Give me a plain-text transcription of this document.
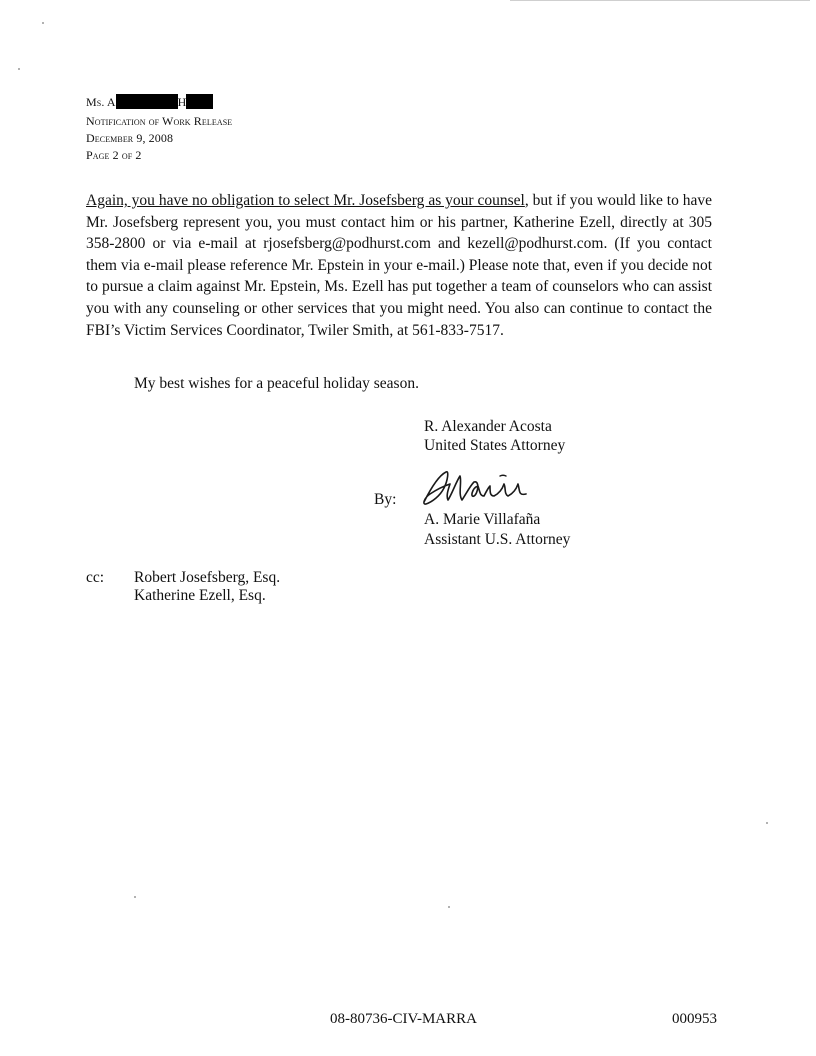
Ms. A	H
Notification of Work Release
December 9, 2008
Page 2 of 2
Again, you have no obligation to select Mr. Josefsberg as your counsel, but if you would like to have Mr. Josefsberg represent you, you must contact him or his partner, Katherine Ezell, directly at 305 358-2800 or via e-mail at rjosefsberg@podhurst.com and kezell@podhurst.com. (If you contact them via e-mail please reference Mr. Epstein in your e-mail.) Please note that, even if you decide not to pursue a claim against Mr. Epstein, Ms. Ezell has put together a team of counselors who can assist you with any counseling or other services that you might need. You also can continue to contact the FBI’s Victim Services Coordinator, Twiler Smith, at 561-833-7517.
My best wishes for a peaceful holiday season.
R. Alexander Acosta
United States Attorney
By:
A. Marie Villafaña
Assistant U.S. Attorney
cc: Robert Josefsberg, Esq.
Katherine Ezell, Esq.
08-80736-CIV-MARRA	000953
